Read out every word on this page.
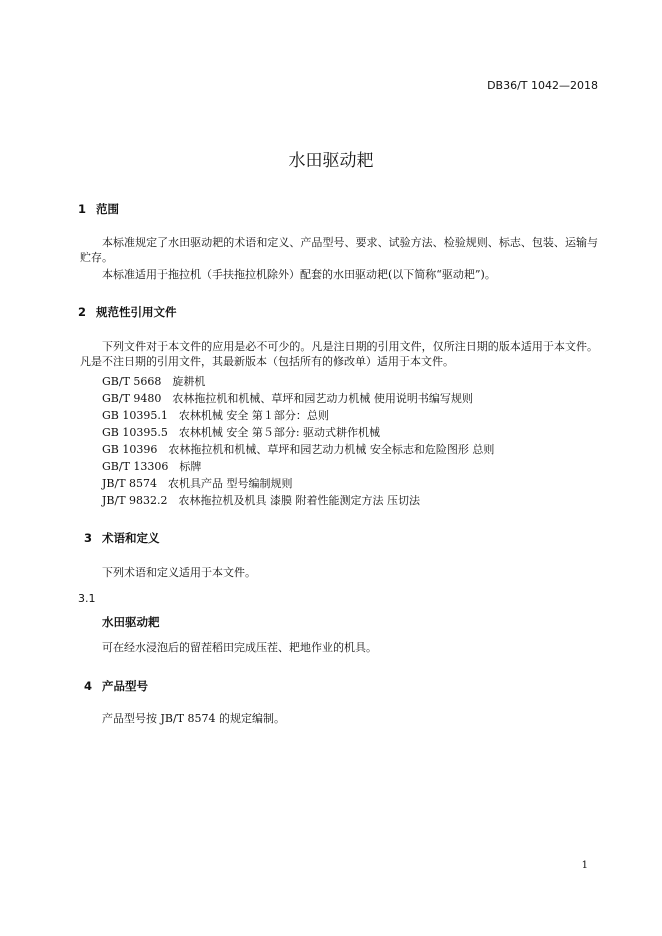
DB36/T 1042—2018
水田驱动耙
1 范围
本标准规定了水田驱动耙的术语和定义、产品型号、要求、试验方法、检验规则、标志、包装、运输与贮存。
本标准适用于拖拉机（手扶拖拉机除外）配套的水田驱动耙(以下简称“驱动耙”)。
2 规范性引用文件
下列文件对于本文件的应用是必不可少的。凡是注日期的引用文件，仅所注日期的版本适用于本文件。凡是不注日期的引用文件，其最新版本（包括所有的修改单）适用于本文件。
GB/T 5668　旋耕机
GB/T 9480　农林拖拉机和机械、草坪和园艺动力机械 使用说明书编写规则
GB 10395.1　农林机械 安全 第１部分：总则
GB 10395.5　农林机械 安全 第５部分: 驱动式耕作机械
GB 10396　农林拖拉机和机械、草坪和园艺动力机械 安全标志和危险图形 总则
GB/T 13306　标牌
JB/T 8574　农机具产品 型号编制规则
JB/T 9832.2　农林拖拉机及机具 漆膜 附着性能测定方法 压切法
3 术语和定义
下列术语和定义适用于本文件。
3.1
水田驱动耙
可在经水浸泡后的留茬稻田完成压茬、耙地作业的机具。
4 产品型号
产品型号按 JB/T 8574 的规定编制。
1
